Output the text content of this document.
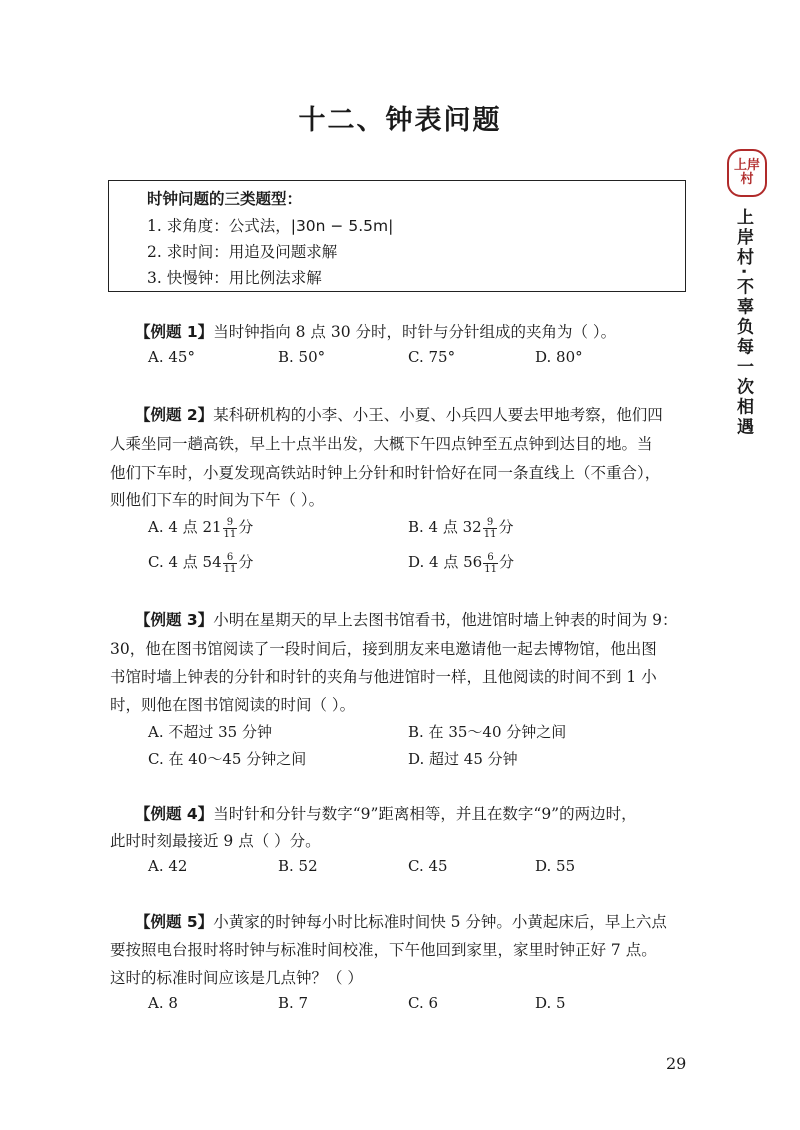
十二、钟表问题
上岸
村
上岸村·不辜负每一次相遇
时钟问题的三类题型：
1. 求角度：公式法，|30n − 5.5m|
2. 求时间：用追及问题求解
3. 快慢钟：用比例法求解
【例题 1】当时钟指向 8 点 30 分时，时针与分针组成的夹角为（ ）。
A. 45°	B. 50°	C. 75°	D. 80°
【例题 2】某科研机构的小李、小王、小夏、小兵四人要去甲地考察，他们四
人乘坐同一趟高铁，早上十点半出发，大概下午四点钟至五点钟到达目的地。当
他们下车时，小夏发现高铁站时钟上分针和时针恰好在同一条直线上（不重合），
则他们下车的时间为下午（ ）。
A. 4 点 $21 \frac{9}{11}$ 分	B. 4 点 $32 \frac{9}{11}$ 分
C. 4 点 $54 \frac{6}{11}$ 分	D. 4 点 $56 \frac{6}{11}$ 分
【例题 3】小明在星期天的早上去图书馆看书，他进馆时墙上钟表的时间为 9：
30，他在图书馆阅读了一段时间后，接到朋友来电邀请他一起去博物馆，他出图
书馆时墙上钟表的分针和时针的夹角与他进馆时一样，且他阅读的时间不到 1 小
时，则他在图书馆阅读的时间（ ）。
A. 不超过 35 分钟	B. 在 35～40 分钟之间
C. 在 40～45 分钟之间	D. 超过 45 分钟
【例题 4】当时针和分针与数字“9”距离相等，并且在数字“9”的两边时，
此时时刻最接近 9 点（ ）分。
A. 42	B. 52	C. 45	D. 55
【例题 5】小黄家的时钟每小时比标准时间快 5 分钟。小黄起床后，早上六点
要按照电台报时将时钟与标准时间校准，下午他回到家里，家里时钟正好 7 点。
这时的标准时间应该是几点钟？（ ）
A. 8	B. 7	C. 6	D. 5
29
